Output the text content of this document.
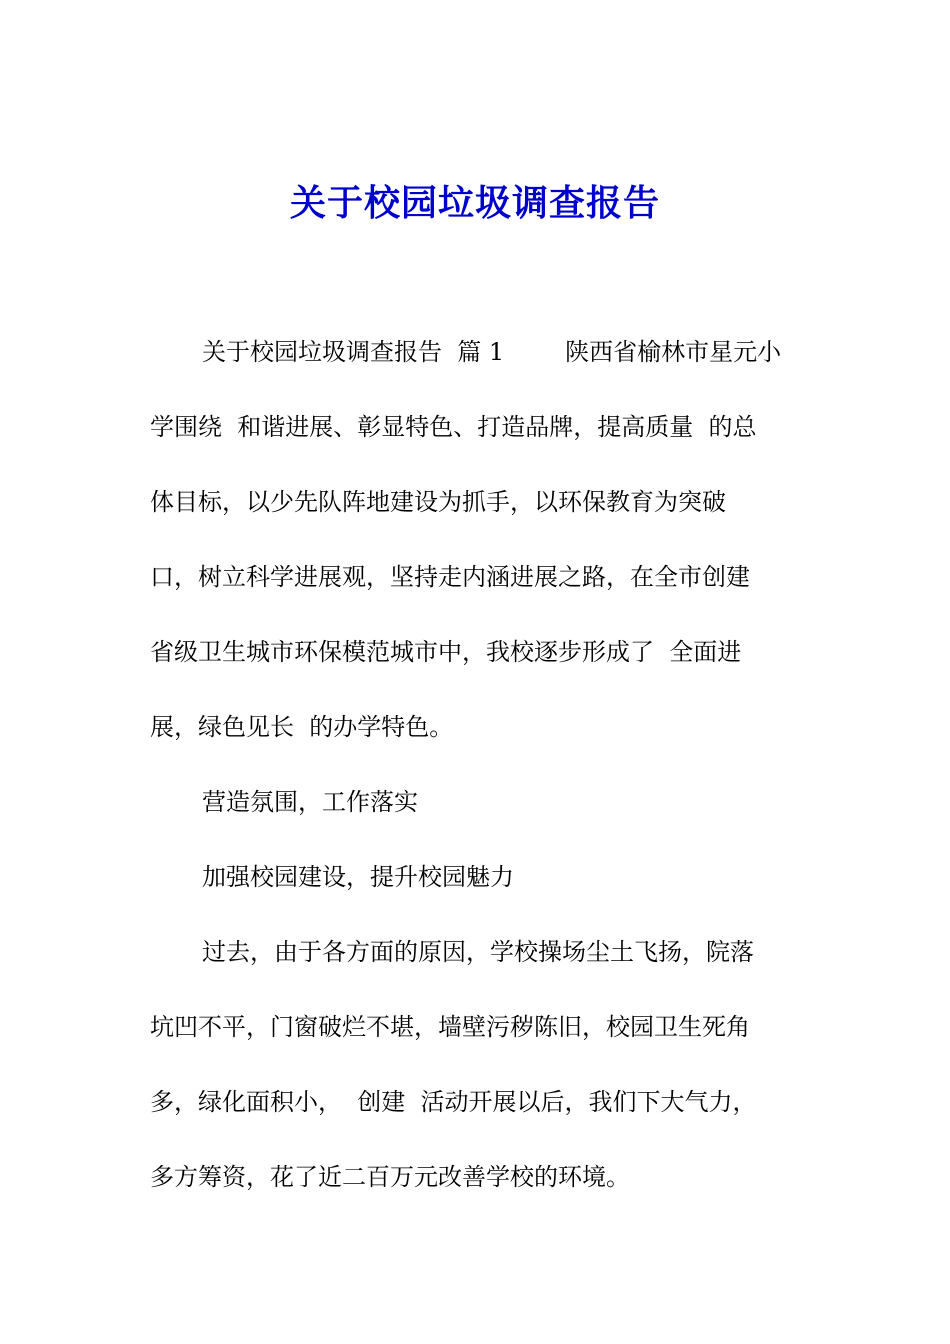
关于校园垃圾调查报告
关于校园垃圾调查报告  篇 1        陕西省榆林市星元小
学围绕  和谐进展、彰显特色、打造品牌，提高质量  的总
体目标，以少先队阵地建设为抓手，以环保教育为突破
口，树立科学进展观，坚持走内涵进展之路，在全市创建
省级卫生城市环保模范城市中，我校逐步形成了  全面进
展，绿色见长  的办学特色。
营造氛围，工作落实
加强校园建设，提升校园魅力
过去，由于各方面的原因，学校操场尘土飞扬，院落
坑凹不平，门窗破烂不堪，墙壁污秽陈旧，校园卫生死角
多，绿化面积小，  创建  活动开展以后，我们下大气力，
多方筹资，花了近二百万元改善学校的环境。
